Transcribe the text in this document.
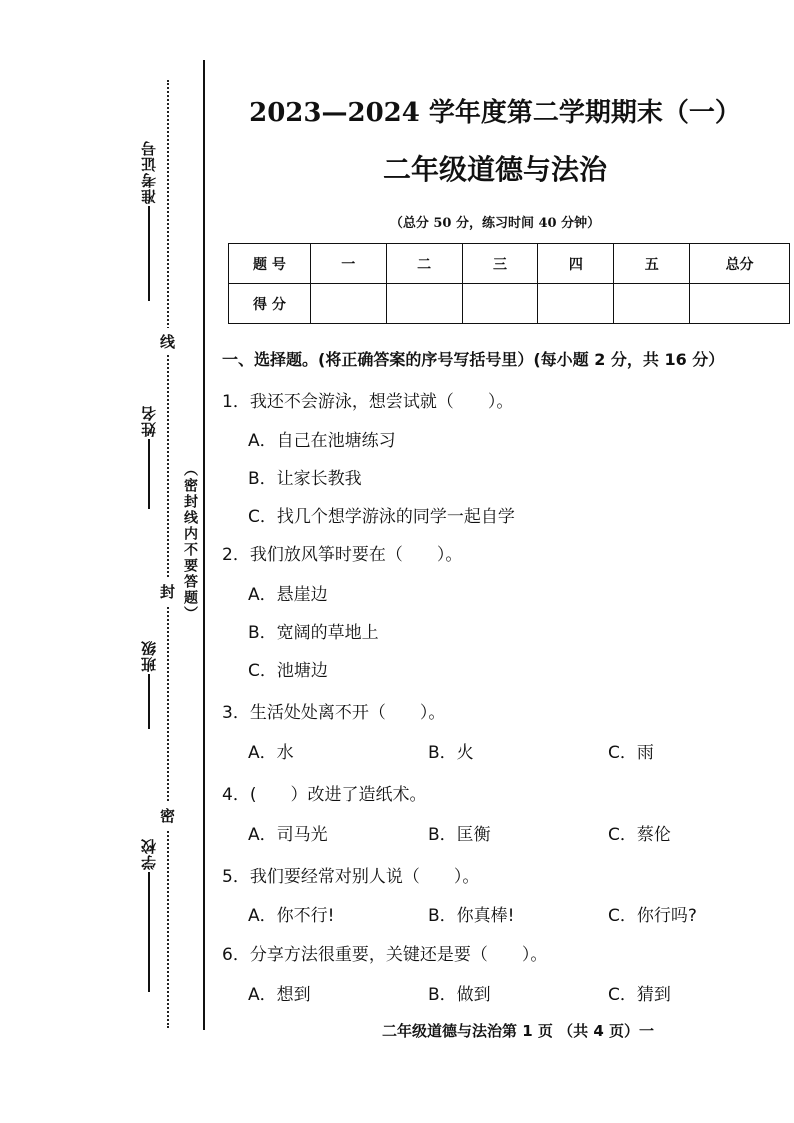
准考证号
姓名
班级
学校
线
封
密
（密封线内不要答题）
2023—2024 学年度第二学期期末（一）
二年级道德与法治
（总分 50 分，练习时间 40 分钟）
题 号	一	二	三	四	五	总分
得 分						
一、选择题。(将正确答案的序号写括号里）(每小题 2 分，共 16 分）
1．我还不会游泳，想尝试就（　　）。
A．自己在池塘练习
B．让家长教我
C．找几个想学游泳的同学一起自学
2．我们放风筝时要在（　　）。
A．悬崖边
B．宽阔的草地上
C．池塘边
3．生活处处离不开（　　）。
A．水	B．火	C．雨
4．(　　）改进了造纸术。
A．司马光	B．匡衡	C．蔡伦
5．我们要经常对别人说（　　）。
A．你不行!	B．你真棒!	C．你行吗?
6．分享方法很重要，关键还是要（　　）。
A．想到	B．做到	C．猜到
二年级道德与法治第 1 页 （共 4 页）一
